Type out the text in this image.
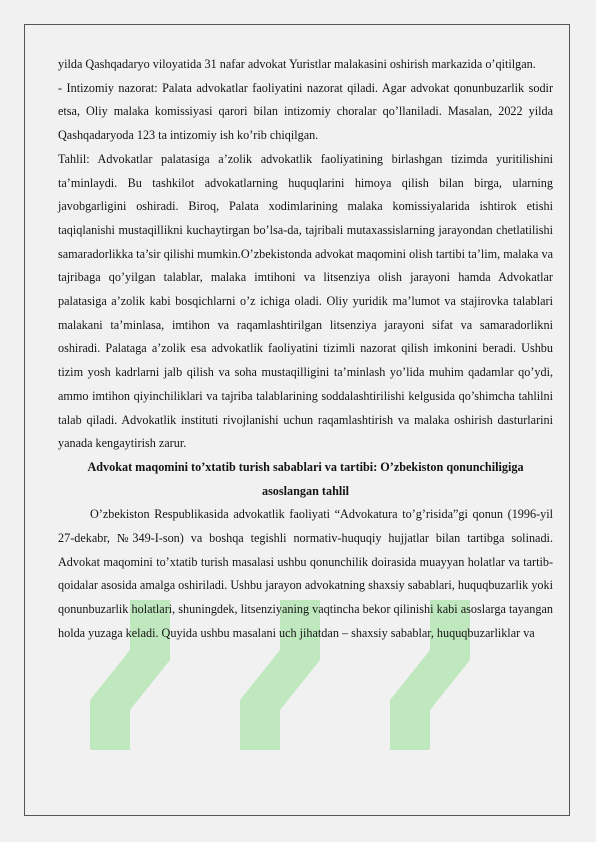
yilda Qashqadaryo viloyatida 31 nafar advokat Yuristlar malakasini oshirish markazida o’qitilgan.

- Intizomiy nazorat: Palata advokatlar faoliyatini nazorat qiladi. Agar advokat qonunbuzarlik sodir etsa, Oliy malaka komissiyasi qarori bilan intizomiy choralar qo’llaniladi. Masalan, 2022 yilda Qashqadaryoda 123 ta intizomiy ish ko’rib chiqilgan.

Tahlil: Advokatlar palatasiga a’zolik advokatlik faoliyatining birlashgan tizimda yuritilishini ta’minlaydi. Bu tashkilot advokatlarning huquqlarini himoya qilish bilan birga, ularning javobgarligini oshiradi. Biroq, Palata xodimlarining malaka komissiyalarida ishtirok etishi taqiqlanishi mustaqillikni kuchaytirgan bo’lsa-da, tajribali mutaxassislarning jarayondan chetlatilishi samaradorlikka ta’sir qilishi mumkin.O’zbekistonda advokat maqomini olish tartibi ta’lim, malaka va tajribaga qo’yilgan talablar, malaka imtihoni va litsenziya olish jarayoni hamda Advokatlar palatasiga a’zolik kabi bosqichlarni o’z ichiga oladi. Oliy yuridik ma’lumot va stajirovka talablari malakani ta’minlasa, imtihon va raqamlashtirilgan litsenziya jarayoni sifat va samaradorlikni oshiradi. Palataga a’zolik esa advokatlik faoliyatini tizimli nazorat qilish imkonini beradi. Ushbu tizim yosh kadrlarni jalb qilish va soha mustaqilligini ta’minlash yo’lida muhim qadamlar qo’ydi, ammo imtihon qiyinchiliklari va tajriba talablarining soddalashtirilishi kelgusida qo’shimcha tahlilni talab qiladi. Advokatlik instituti rivojlanishi uchun raqamlashtirish va malaka oshirish dasturlarini yanada kengaytirish zarur.

Advokat maqomini to’xtatib turish sabablari va tartibi: O’zbekiston qonunchiligiga asoslangan tahlil

O’zbekiston Respublikasida advokatlik faoliyati “Advokatura to’g’risida”gi qonun (1996-yil 27-dekabr, №349-I-son) va boshqa tegishli normativ-huquqiy hujjatlar bilan tartibga solinadi. Advokat maqomini to’xtatib turish masalasi ushbu qonunchilik doirasida muayyan holatlar va tartib-qoidalar asosida amalga oshiriladi. Ushbu jarayon advokatning shaxsiy sabablari, huquqbuzarlik yoki qonunbuzarlik holatlari, shuningdek, litsenziyaning vaqtincha bekor qilinishi kabi asoslarga tayangan holda yuzaga keladi. Quyida ushbu masalani uch jihatdan – shaxsiy sabablar, huquqbuzarliklar va
